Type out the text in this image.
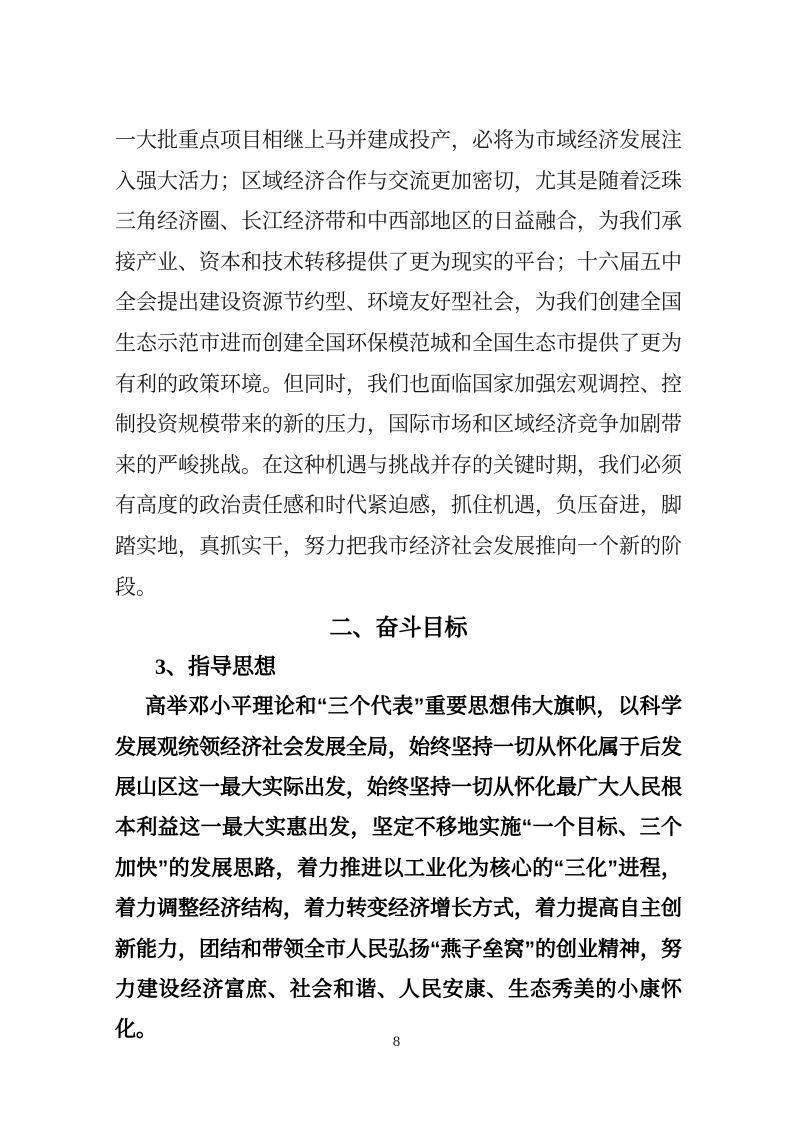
一大批重点项目相继上马并建成投产，必将为市域经济发展注入强大活力；区域经济合作与交流更加密切，尤其是随着泛珠三角经济圈、长江经济带和中西部地区的日益融合，为我们承接产业、资本和技术转移提供了更为现实的平台；十六届五中全会提出建设资源节约型、环境友好型社会，为我们创建全国生态示范市进而创建全国环保模范城和全国生态市提供了更为有利的政策环境。但同时，我们也面临国家加强宏观调控、控制投资规模带来的新的压力，国际市场和区域经济竞争加剧带来的严峻挑战。在这种机遇与挑战并存的关键时期，我们必须有高度的政治责任感和时代紧迫感，抓住机遇，负压奋进，脚踏实地，真抓实干，努力把我市经济社会发展推向一个新的阶段。

二、奋斗目标
3、指导思想

高举邓小平理论和“三个代表”重要思想伟大旗帜，以科学发展观统领经济社会发展全局，始终坚持一切从怀化属于后发展山区这一最大实际出发，始终坚持一切从怀化最广大人民根本利益这一最大实惠出发，坚定不移地实施“一个目标、三个加快”的发展思路，着力推进以工业化为核心的“三化”进程，着力调整经济结构，着力转变经济增长方式，着力提高自主创新能力，团结和带领全市人民弘扬“燕子垒窝”的创业精神，努力建设经济富庶、社会和谐、人民安康、生态秀美的小康怀化。

8
